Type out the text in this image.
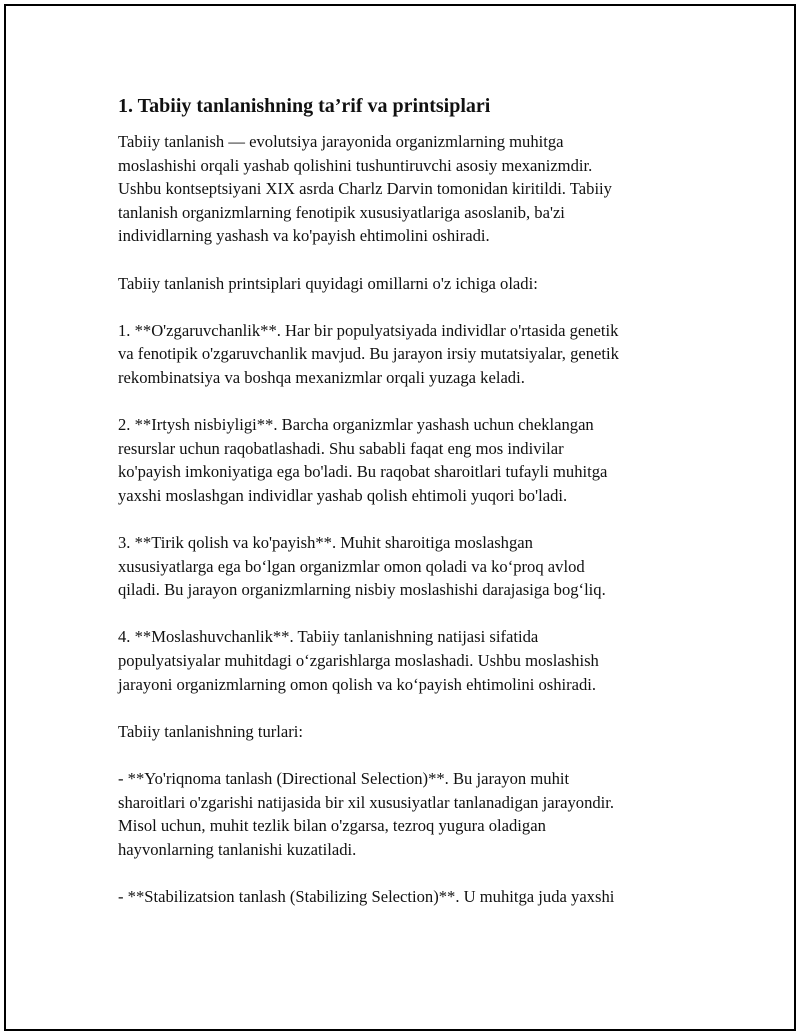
1. Tabiiy tanlanishning ta’rif va printsiplari
Tabiiy tanlanish — evolutsiya jarayonida organizmlarning muhitga
moslashishi orqali yashab qolishini tushuntiruvchi asosiy mexanizmdir.
Ushbu kontseptsiyani XIX asrda Charlz Darvin tomonidan kiritildi. Tabiiy
tanlanish organizmlarning fenotipik xususiyatlariga asoslanib, ba'zi
individlarning yashash va ko'payish ehtimolini oshiradi.
Tabiiy tanlanish printsiplari quyidagi omillarni o'z ichiga oladi:
1. **O'zgaruvchanlik**. Har bir populyatsiyada individlar o'rtasida genetik
va fenotipik o'zgaruvchanlik mavjud. Bu jarayon irsiy mutatsiyalar, genetik
rekombinatsiya va boshqa mexanizmlar orqali yuzaga keladi.
2. **Irtysh nisbiyligi**. Barcha organizmlar yashash uchun cheklangan
resurslar uchun raqobatlashadi. Shu sababli faqat eng mos indivilar
ko'payish imkoniyatiga ega bo'ladi. Bu raqobat sharoitlari tufayli muhitga
yaxshi moslashgan individlar yashab qolish ehtimoli yuqori bo'ladi.
3. **Tirik qolish va ko'payish**. Muhit sharoitiga moslashgan
xususiyatlarga ega bo‘lgan organizmlar omon qoladi va ko‘proq avlod
qiladi. Bu jarayon organizmlarning nisbiy moslashishi darajasiga bog‘liq.
4. **Moslashuvchanlik**. Tabiiy tanlanishning natijasi sifatida
populyatsiyalar muhitdagi o‘zgarishlarga moslashadi. Ushbu moslashish
jarayoni organizmlarning omon qolish va ko‘payish ehtimolini oshiradi.
Tabiiy tanlanishning turlari:
- **Yo'riqnoma tanlash (Directional Selection)**. Bu jarayon muhit
sharoitlari o'zgarishi natijasida bir xil xususiyatlar tanlanadigan jarayondir.
Misol uchun, muhit tezlik bilan o'zgarsa, tezroq yugura oladigan
hayvonlarning tanlanishi kuzatiladi.
- **Stabilizatsion tanlash (Stabilizing Selection)**. U muhitga juda yaxshi
